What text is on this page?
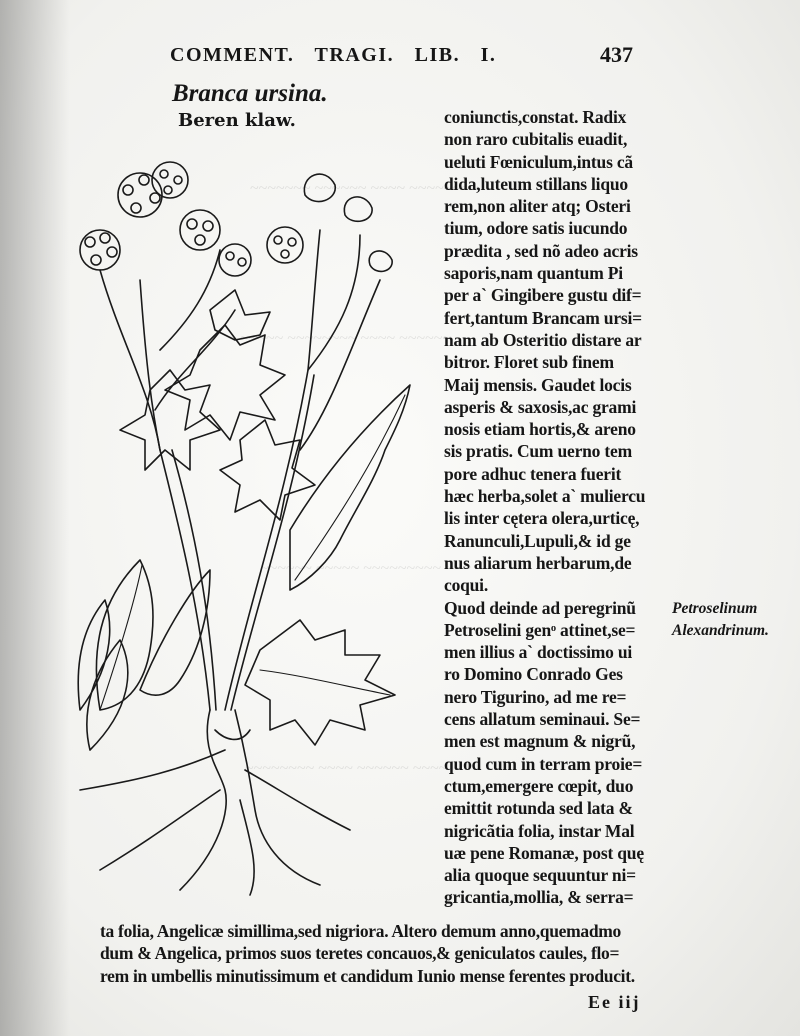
~~~~~~~ ~~~~~~ ~~~~ ~~~~~~~~
~~~~~ ~~~~~~~~ ~~~~ ~~~~~~
~~~~~~ ~~~~~ ~~~~~~~~~ ~~~
~~~~~~~~ ~~~~ ~~~~~~ ~~~~
COMMENT. TRAGI. LIB. I.	437
Branca ursina.
Beren klaw.	coniunctis,constat. Radix
non raro cubitalis euadit,
ueluti Fœniculum,intus cã
dida,luteum stillans liquo
rem,non aliter atq; Osteri
tium, odore satis iucundo
prædita , sed nõ adeo acris
saporis,nam quantum Pi
per a` Gingibere gustu dif=
fert,tantum Brancam ursi=
nam ab Osteritio distare ar
bitror. Floret sub finem
Maij mensis. Gaudet locis
asperis & saxosis,ac grami
nosis etiam hortis,& areno
sis pratis. Cum uerno tem
pore adhuc tenera fuerit
hæc herba,solet a` muliercu
lis inter cętera olera,urticę,
Ranunculi,Lupuli,& id ge
nus aliarum herbarum,de
coqui.
Quod deinde ad peregrinũ
Petroselini genᵒ attinet,se=
men illius a` doctissimo ui
ro Domino Conrado Ges
nero Tigurino, ad me re=
cens allatum seminaui. Se=
men est magnum & nigrũ,
quod cum in terram proie=
ctum,emergere cœpit, duo
emittit rotunda sed lata &
nigricãtia folia, instar Mal
uæ pene Romanæ, post quę
alia quoque sequuntur ni=
gricantia,mollia, & serra=
Petroselinum
Alexandrinum.
ta folia, Angelicæ simillima,sed nigriora. Altero demum anno,quemadmo
dum & Angelica, primos suos teretes concauos,& geniculatos caules, flo=
rem in umbellis minutissimum et candidum Iunio mense ferentes producit.
Ee iij
